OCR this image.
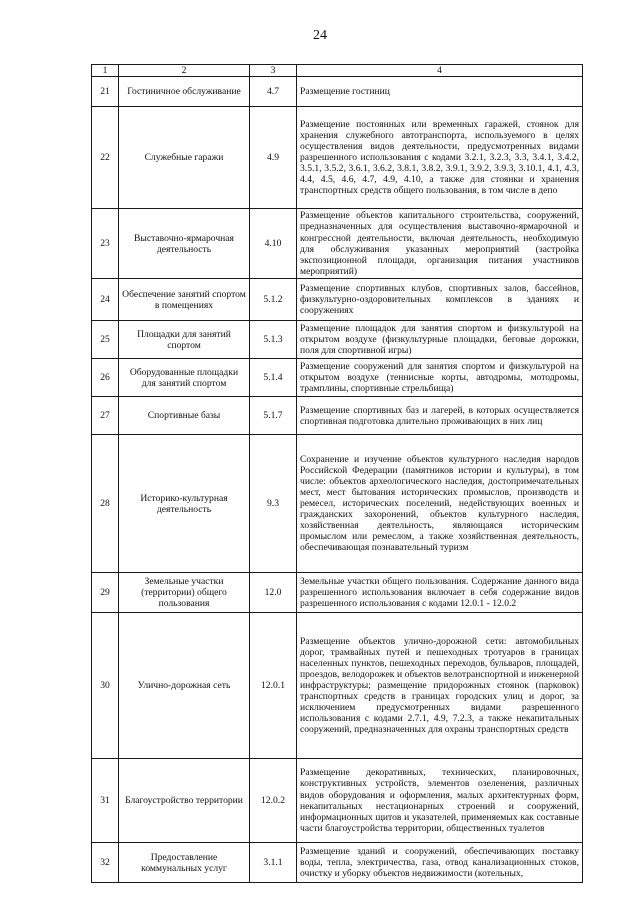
24
1	2	3	4
21	Гостиничное обслуживание	4.7	Размещение гостиниц
22	Служебные гаражи	4.9	Размещение постоянных или временных гаражей, стоянок для хранения служебного автотранспорта, используемого в целях осуществления видов деятельности, предусмотренных видами разрешенного использования с кодами 3.2.1, 3.2.3, 3.3, 3.4.1, 3.4.2, 3.5.1, 3.5.2, 3.6.1, 3.6.2, 3.8.1, 3.8.2, 3.9.1, 3.9.2, 3.9.3, 3.10.1, 4.1, 4.3, 4.4, 4.5, 4.6, 4.7, 4.9, 4.10, а также для стоянки и хранения транспортных средств общего пользования, в том числе в депо
23	Выставочно-ярмарочная деятельность	4.10	Размещение объектов капитального строительства, сооружений, предназначенных для осуществления выставочно-ярмарочной и конгрессной деятельности, включая деятельность, необходимую для обслуживания указанных мероприятий (застройка экспозиционной площади, организация питания участников мероприятий)
24	Обеспечение занятий спортом в помещениях	5.1.2	Размещение спортивных клубов, спортивных залов, бассейнов, физкультурно-оздоровительных комплексов в зданиях и сооружениях
25	Площадки для занятий спортом	5.1.3	Размещение площадок для занятия спортом и физкультурой на открытом воздухе (физкультурные площадки, беговые дорожки, поля для спортивной игры)
26	Оборудованные площадки для занятий спортом	5.1.4	Размещение сооружений для занятия спортом и физкультурой на открытом воздухе (теннисные корты, автодромы, мотодромы, трамплины, спортивные стрельбища)
27	Спортивные базы	5.1.7	Размещение спортивных баз и лагерей, в которых осуществляется спортивная подготовка длительно проживающих в них лиц
28	Историко-культурная деятельность	9.3	Сохранение и изучение объектов культурного наследия народов Российской Федерации (памятников истории и культуры), в том числе: объектов археологического наследия, достопримечательных мест, мест бытования исторических промыслов, производств и ремесел, исторических поселений, недействующих военных и гражданских захоронений, объектов культурного наследия, хозяйственная деятельность, являющаяся историческим промыслом или ремеслом, а также хозяйственная деятельность, обеспечивающая познавательный туризм
29	Земельные участки (территории) общего пользования	12.0	Земельные участки общего пользования. Содержание данного вида разрешенного использования включает в себя содержание видов разрешенного использования с кодами 12.0.1 - 12.0.2
30	Улично-дорожная сеть	12.0.1	Размещение объектов улично-дорожной сети: автомобильных дорог, трамвайных путей и пешеходных тротуаров в границах населенных пунктов, пешеходных переходов, бульваров, площадей, проездов, велодорожек и объектов велотранспортной и инженерной инфраструктуры; размещение придорожных стоянок (парковок) транспортных средств в границах городских улиц и дорог, за исключением предусмотренных видами разрешенного использования с кодами 2.7.1, 4.9, 7.2.3, а также некапитальных сооружений, предназначенных для охраны транспортных средств
31	Благоустройство территории	12.0.2	Размещение декоративных, технических, планировочных, конструктивных устройств, элементов озеленения, различных видов оборудования и оформления, малых архитектурных форм, некапитальных нестационарных строений и сооружений, информационных щитов и указателей, применяемых как составные части благоустройства территории, общественных туалетов
32	Предоставление коммунальных услуг	3.1.1	Размещение зданий и сооружений, обеспечивающих поставку воды, тепла, электричества, газа, отвод канализационных стоков, очистку и уборку объектов недвижимости (котельных,
